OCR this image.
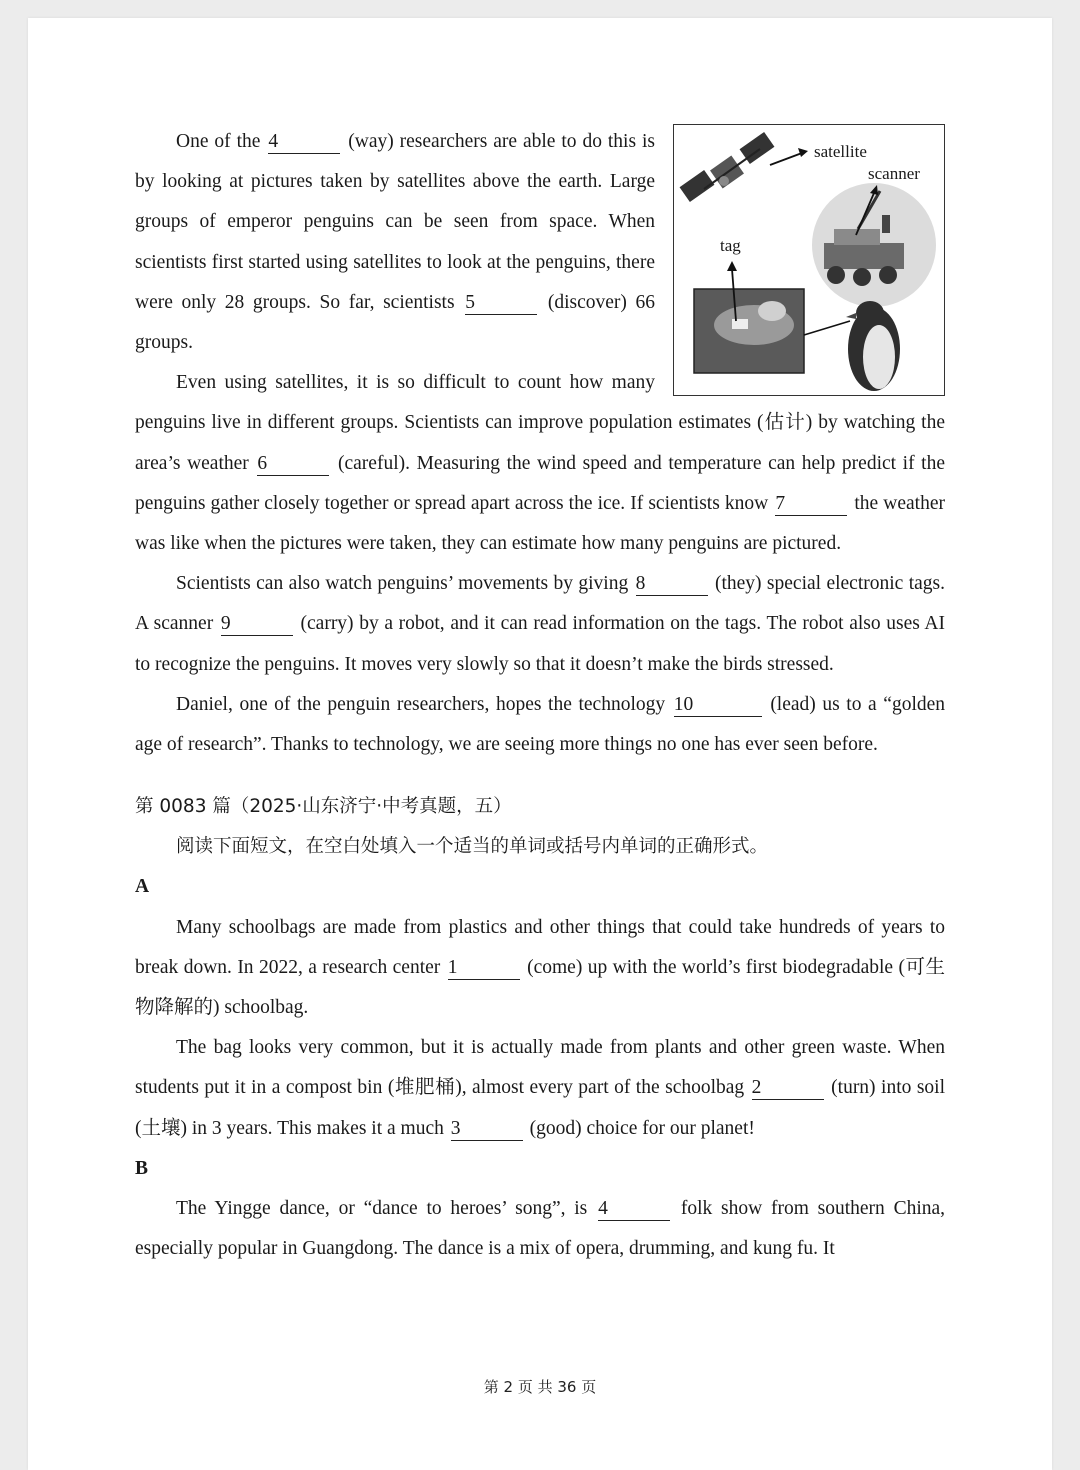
satellite
scanner
tag

One of the 4	(way) researchers are able to do this is by looking at pictures taken by satellites above the earth. Large groups of emperor penguins can be seen from space. When scientists first started using satellites to look at the penguins, there were only 28 groups. So far, scientists 5	(discover) 66 groups.

Even using satellites, it is so difficult to count how many penguins live in different groups. Scientists can improve population estimates (估计) by watching the area’s weather 6	(careful). Measuring the wind speed and temperature can help predict if the penguins gather closely together or spread apart across the ice. If scientists know 7	the weather was like when the pictures were taken, they can estimate how many penguins are pictured.

Scientists can also watch penguins’ movements by giving 8	(they) special electronic tags. A scanner 9	(carry) by a robot, and it can read information on the tags. The robot also uses AI to recognize the penguins. It moves very slowly so that it doesn’t make the birds stressed.

Daniel, one of the penguin researchers, hopes the technology 10	(lead) us to a “golden age of research”. Thanks to technology, we are seeing more things no one has ever seen before.

第 0083 篇（2025·山东济宁·中考真题，五）

阅读下面短文，在空白处填入一个适当的单词或括号内单词的正确形式。

A

Many schoolbags are made from plastics and other things that could take hundreds of years to break down. In 2022, a research center 1	(come) up with the world’s first biodegradable (可生物降解的) schoolbag.

The bag looks very common, but it is actually made from plants and other green waste. When students put it in a compost bin (堆肥桶), almost every part of the schoolbag 2	(turn) into soil (土壤) in 3 years. This makes it a much 3	(good) choice for our planet!

B

The Yingge dance, or “dance to heroes’ song”, is 4	folk show from southern China, especially popular in Guangdong. The dance is a mix of opera, drumming, and kung fu. It

第 2 页 共 36 页
